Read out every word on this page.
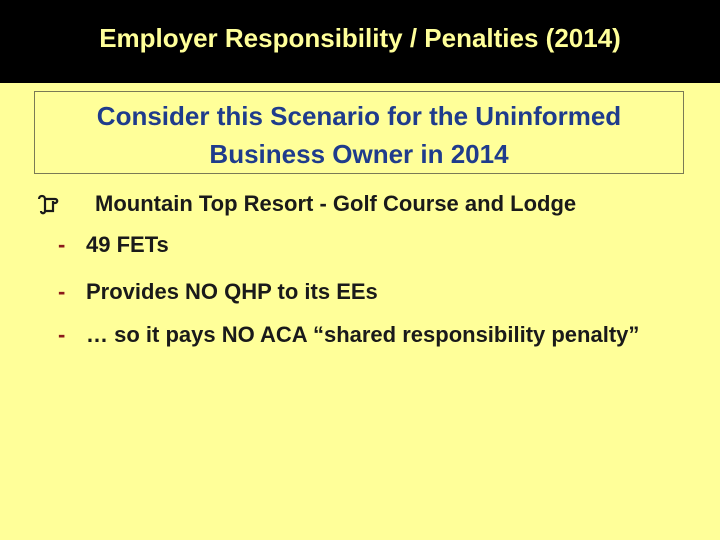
Employer Responsibility / Penalties (2014)
Consider this Scenario for the Uninformed
Business Owner in 2014
Mountain Top Resort - Golf Course and Lodge
- 49 FETs
- Provides NO QHP to its EEs
- … so it pays NO ACA “shared responsibility penalty”
